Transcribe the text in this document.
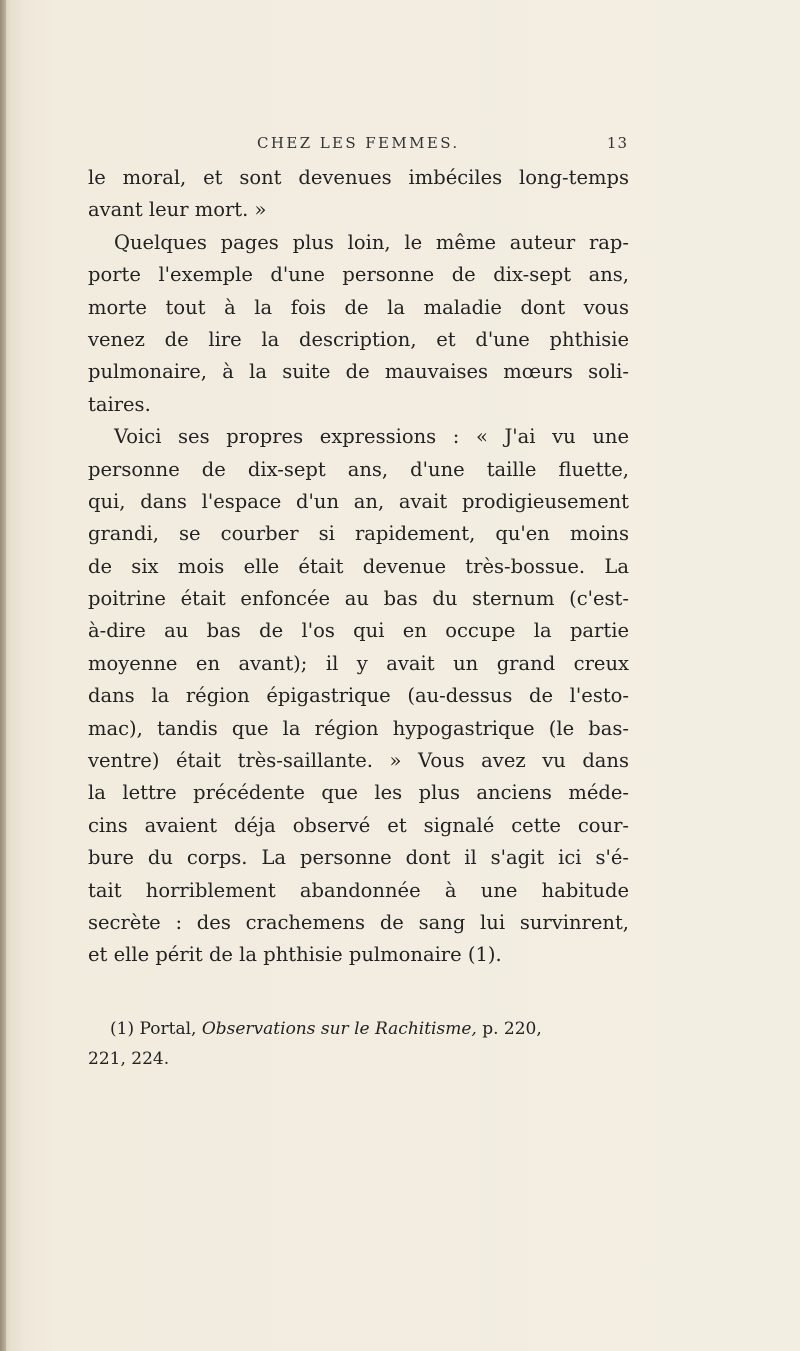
CHEZ LES FEMMES.	13
le moral, et sont devenues imbéciles long-temps
avant leur mort. »
Quelques pages plus loin, le même auteur rap-
porte l'exemple d'une personne de dix-sept ans,
morte tout à la fois de la maladie dont vous
venez de lire la description, et d'une phthisie
pulmonaire, à la suite de mauvaises mœurs soli-
taires.
Voici ses propres expressions : « J'ai vu une
personne de dix-sept ans, d'une taille fluette,
qui, dans l'espace d'un an, avait prodigieusement
grandi, se courber si rapidement, qu'en moins
de six mois elle était devenue très-bossue. La
poitrine était enfoncée au bas du sternum (c'est-
à-dire au bas de l'os qui en occupe la partie
moyenne en avant); il y avait un grand creux
dans la région épigastrique (au-dessus de l'esto-
mac), tandis que la région hypogastrique (le bas-
ventre) était très-saillante. » Vous avez vu dans
la lettre précédente que les plus anciens méde-
cins avaient déja observé et signalé cette cour-
bure du corps. La personne dont il s'agit ici s'é-
tait horriblement abandonnée à une habitude
secrète : des crachemens de sang lui survinrent,
et elle périt de la phthisie pulmonaire (1).
(1) Portal, Observations sur le Rachitisme, p. 220,
221, 224.
